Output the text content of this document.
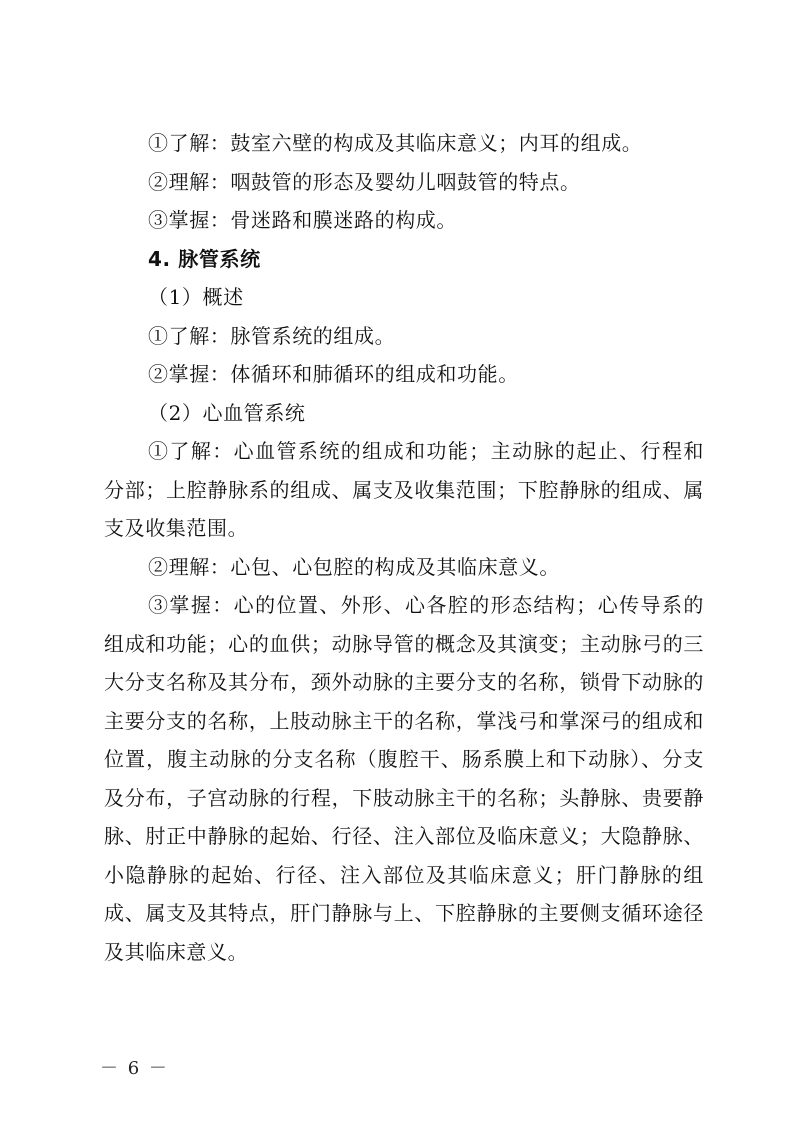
①了解：鼓室六壁的构成及其临床意义；内耳的组成。

②理解：咽鼓管的形态及婴幼儿咽鼓管的特点。

③掌握：骨迷路和膜迷路的构成。

4. 脉管系统

（1）概述

①了解：脉管系统的组成。

②掌握：体循环和肺循环的组成和功能。

（2）心血管系统

①了解：心血管系统的组成和功能；主动脉的起止、行程和分部；上腔静脉系的组成、属支及收集范围；下腔静脉的组成、属支及收集范围。

②理解：心包、心包腔的构成及其临床意义。

③掌握：心的位置、外形、心各腔的形态结构；心传导系的组成和功能；心的血供；动脉导管的概念及其演变；主动脉弓的三大分支名称及其分布，颈外动脉的主要分支的名称，锁骨下动脉的主要分支的名称，上肢动脉主干的名称，掌浅弓和掌深弓的组成和位置，腹主动脉的分支名称（腹腔干、肠系膜上和下动脉）、分支及分布，子宫动脉的行程，下肢动脉主干的名称；头静脉、贵要静脉、肘正中静脉的起始、行径、注入部位及临床意义；大隐静脉、小隐静脉的起始、行径、注入部位及其临床意义；肝门静脉的组成、属支及其特点，肝门静脉与上、下腔静脉的主要侧支循环途径及其临床意义。

－ 6 －
